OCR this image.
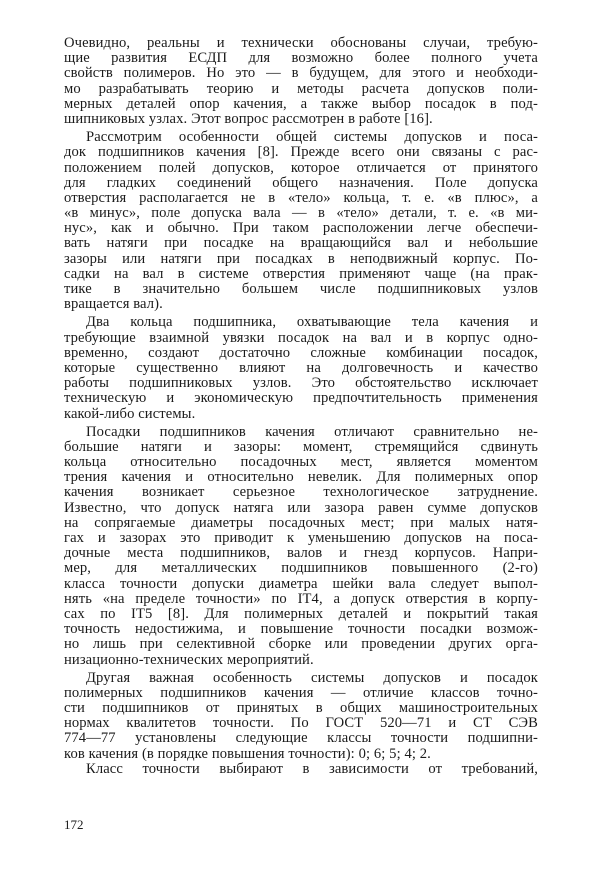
Очевидно, реальны и технически обоснованы случаи, требую-
щие развития ЕСДП для возможно более полного учета
свойств полимеров. Но это — в будущем, для этого и необходи-
мо разрабатывать теорию и методы расчета допусков поли-
мерных деталей опор качения, а также выбор посадок в под-
шипниковых узлах. Этот вопрос рассмотрен в работе [16].
Рассмотрим особенности общей системы допусков и поса-
док подшипников качения [8]. Прежде всего они связаны с рас-
положением полей допусков, которое отличается от принятого
для гладких соединений общего назначения. Поле допуска
отверстия располагается не в «тело» кольца, т. е. «в плюс», а
«в минус», поле допуска вала — в «тело» детали, т. е. «в ми-
нус», как и обычно. При таком расположении легче обеспечи-
вать натяги при посадке на вращающийся вал и небольшие
зазоры или натяги при посадках в неподвижный корпус. По-
садки на вал в системе отверстия применяют чаще (на прак-
тике в значительно большем числе подшипниковых узлов
вращается вал).
Два кольца подшипника, охватывающие тела качения и
требующие взаимной увязки посадок на вал и в корпус одно-
временно, создают достаточно сложные комбинации посадок,
которые существенно влияют на долговечность и качество
работы подшипниковых узлов. Это обстоятельство исключает
техническую и экономическую предпочтительность применения
какой-либо системы.
Посадки подшипников качения отличают сравнительно не-
большие натяги и зазоры: момент, стремящийся сдвинуть
кольца относительно посадочных мест, является моментом
трения качения и относительно невелик. Для полимерных опор
качения возникает серьезное технологическое затруднение.
Известно, что допуск натяга или зазора равен сумме допусков
на сопрягаемые диаметры посадочных мест; при малых натя-
гах и зазорах это приводит к уменьшению допусков на поса-
дочные места подшипников, валов и гнезд корпусов. Напри-
мер, для металлических подшипников повышенного (2-го)
класса точности допуски диаметра шейки вала следует выпол-
нять «на пределе точности» по IT4, а допуск отверстия в корпу-
сах по IT5 [8]. Для полимерных деталей и покрытий такая
точность недостижима, и повышение точности посадки возмож-
но лишь при селективной сборке или проведении других орга-
низационно-технических мероприятий.
Другая важная особенность системы допусков и посадок
полимерных подшипников качения — отличие классов точно-
сти подшипников от принятых в общих машиностроительных
нормах квалитетов точности. По ГОСТ 520—71 и СТ СЭВ
774—77 установлены следующие классы точности подшипни-
ков качения (в порядке повышения точности): 0; 6; 5; 4; 2.
Класс точности выбирают в зависимости от требований,
172
